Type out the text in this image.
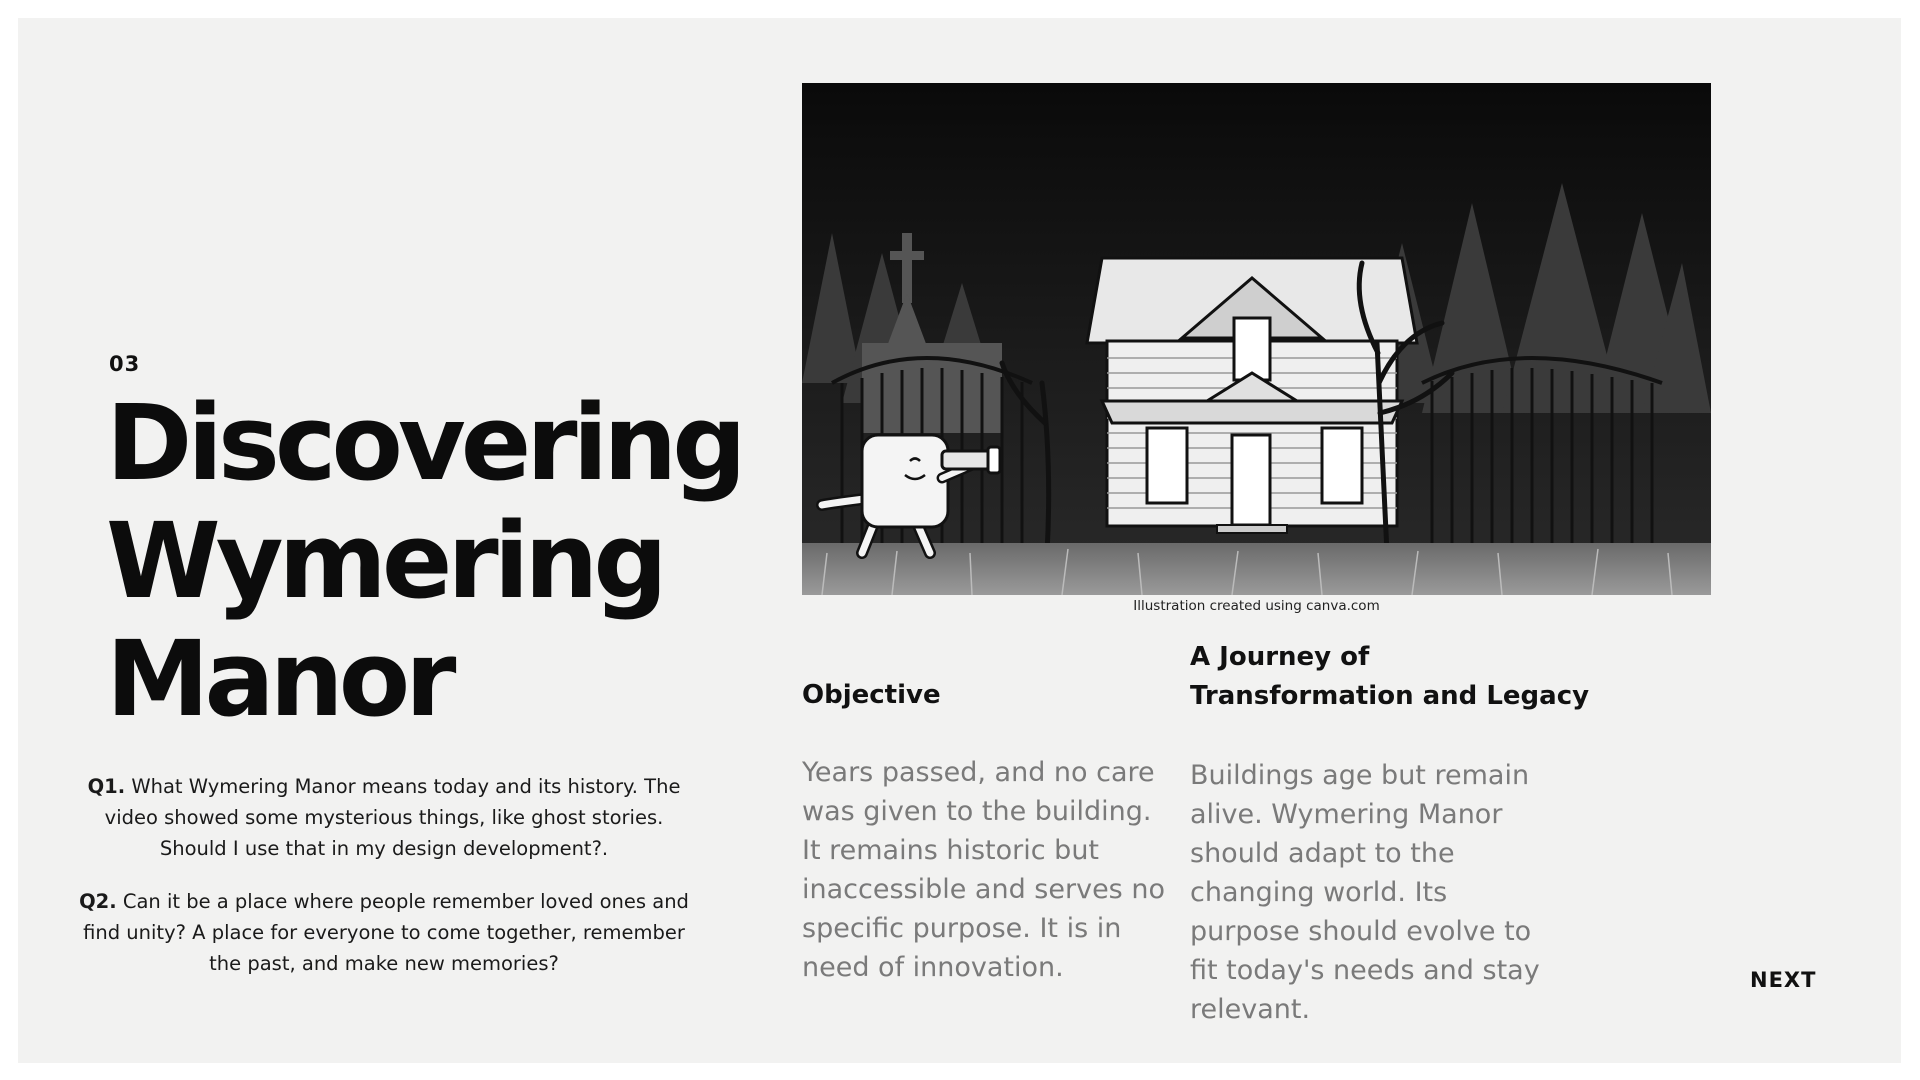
03
Discovering
Wymering
Manor

Q1. What Wymering Manor means today and its history. The video showed some mysterious things, like ghost stories. Should I use that in my design development?.

Q2. Can it be a place where people remember loved ones and find unity? A place for everyone to come together, remember the past, and make new memories?

Illustration created using canva.com
Objective

Years passed, and no care was given to the building. It remains historic but inaccessible and serves no specific purpose. It is in need of innovation.

A Journey of
Transformation and Legacy

Buildings age but remain alive. Wymering Manor should adapt to the changing world. Its purpose should evolve to fit today's needs and stay relevant.

NEXT
